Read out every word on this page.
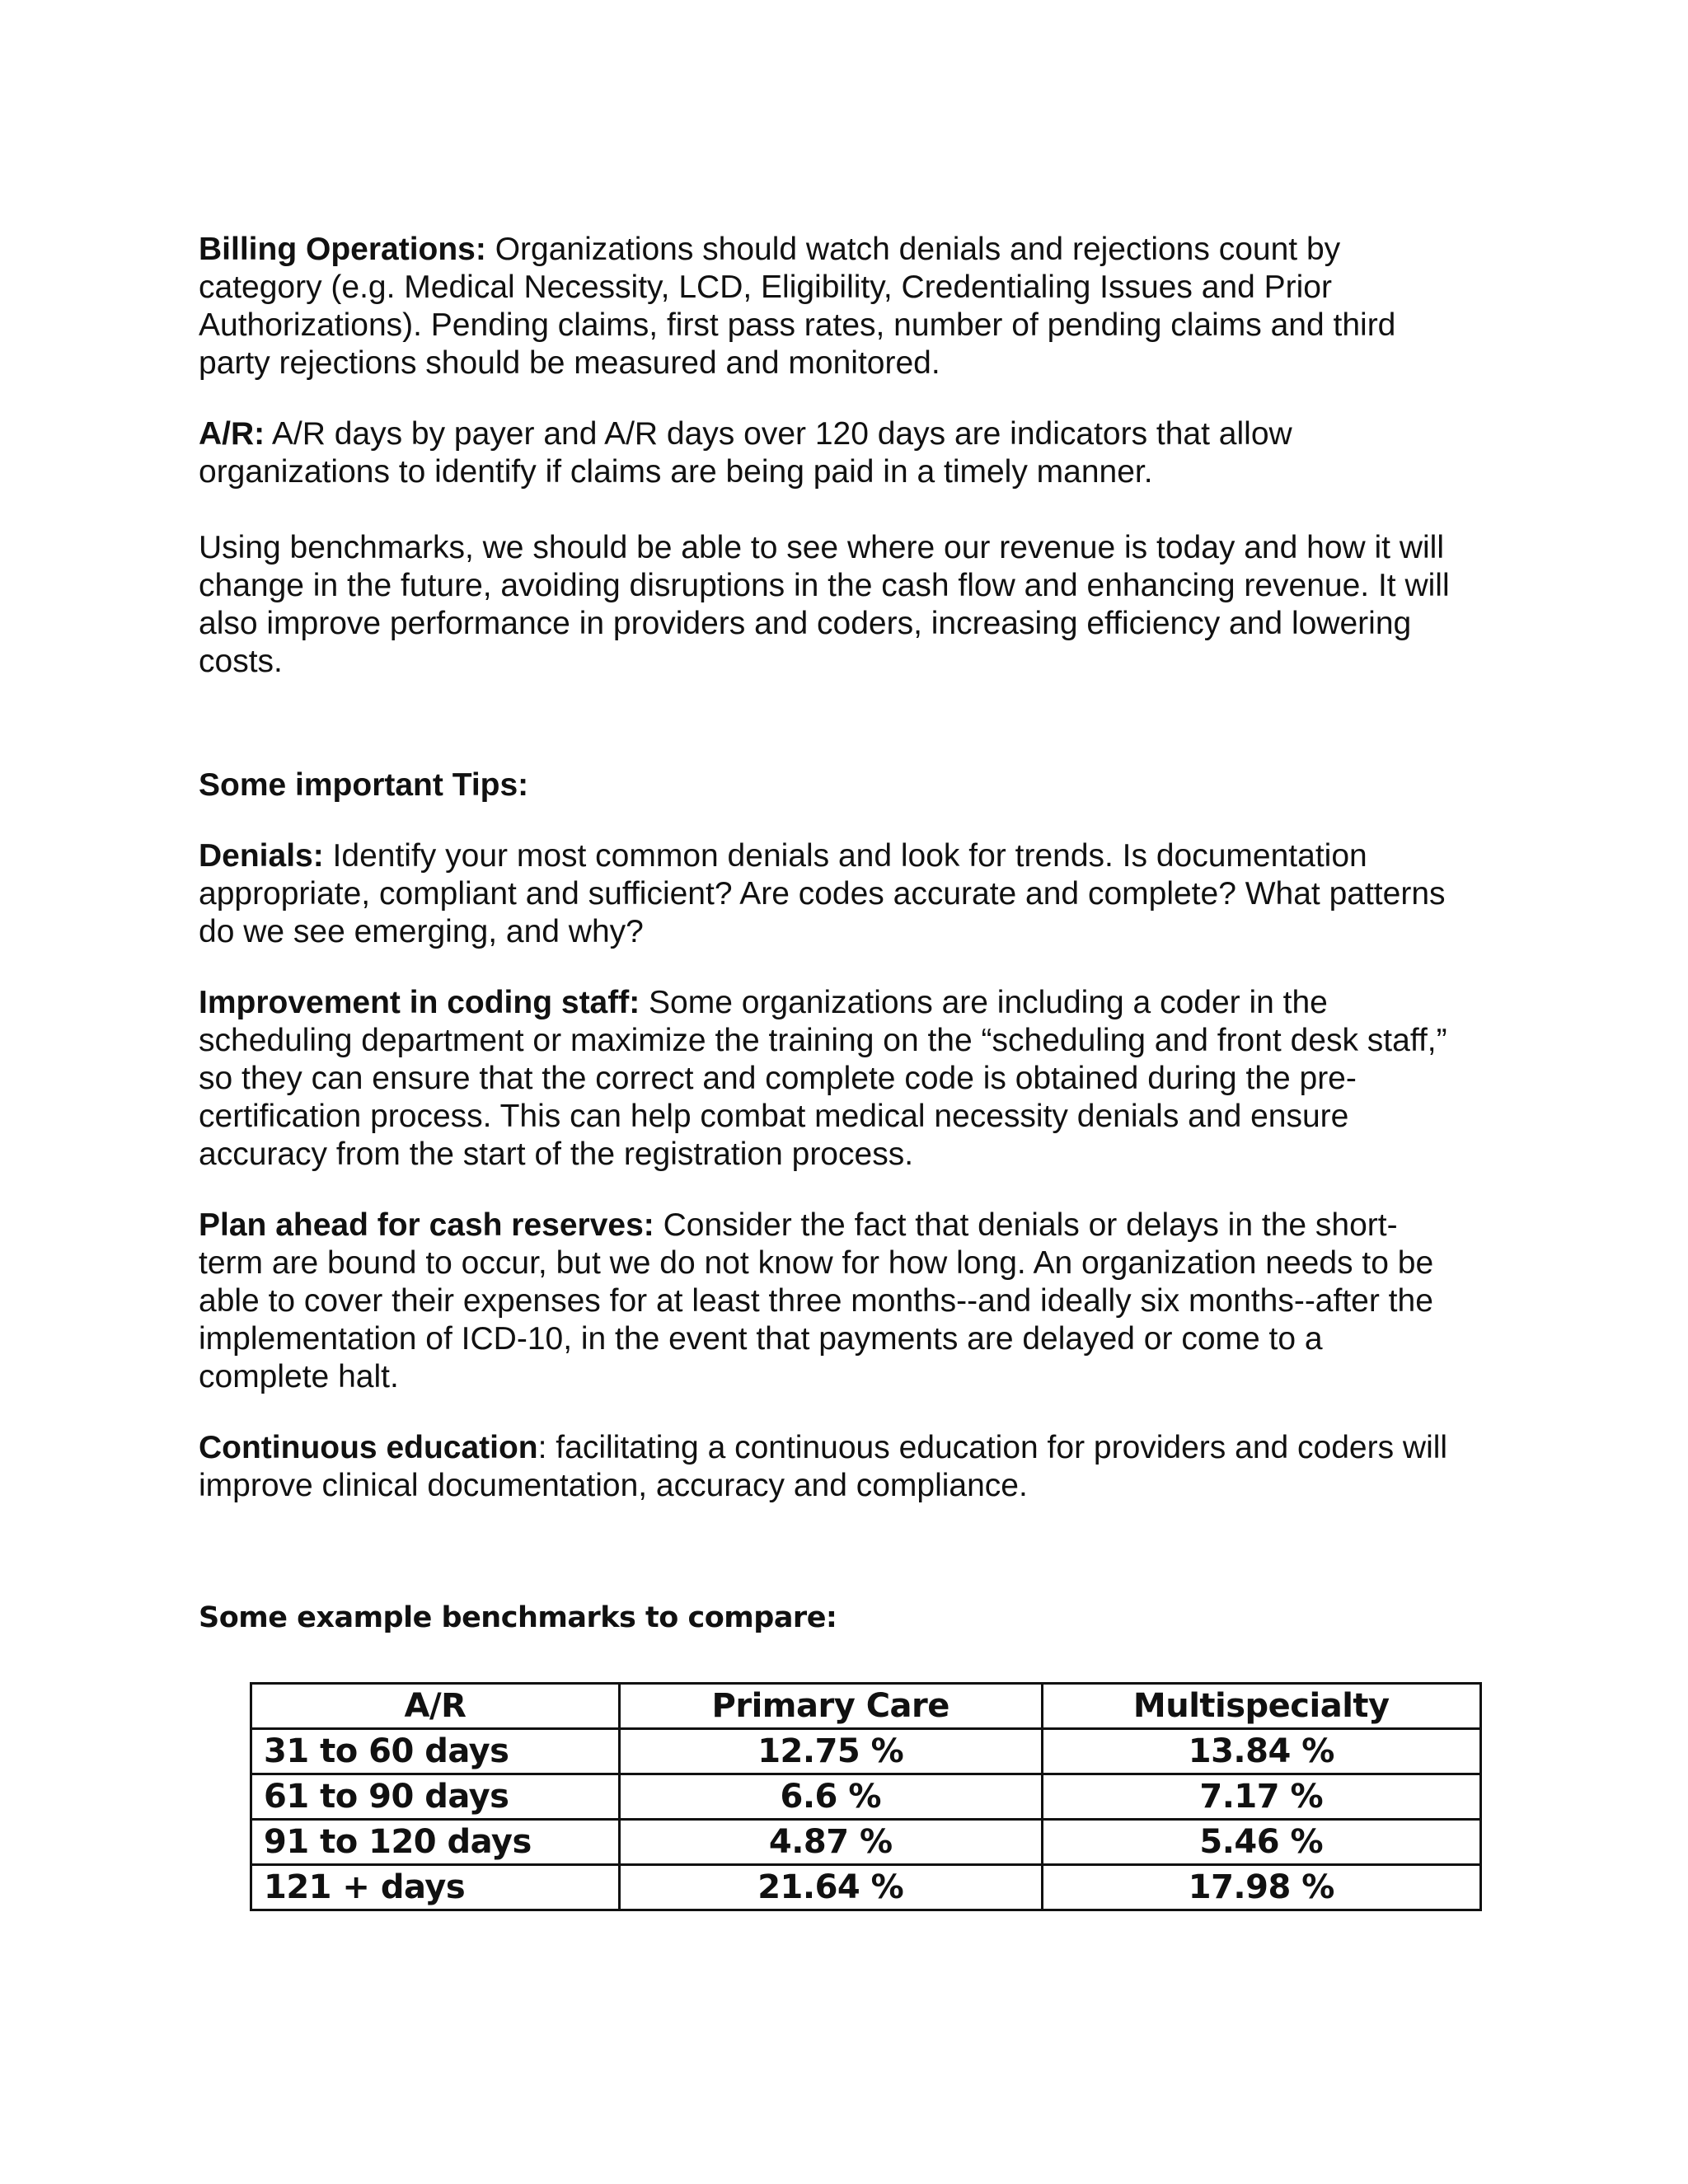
Billing Operations: Organizations should watch denials and rejections count by

category (e.g. Medical Necessity, LCD, Eligibility, Credentialing Issues and Prior

Authorizations). Pending claims, first pass rates, number of pending claims and third

party rejections should be measured and monitored.

A/R: A/R days by payer and A/R days over 120 days are indicators that allow

organizations to identify if claims are being paid in a timely manner.

Using benchmarks, we should be able to see where our revenue is today and how it will

change in the future, avoiding disruptions in the cash flow and enhancing revenue. It will

also improve performance in providers and coders, increasing efficiency and lowering

costs.

Some important Tips:

Denials: Identify your most common denials and look for trends. Is documentation

appropriate, compliant and sufficient? Are codes accurate and complete? What patterns

do we see emerging, and why?

Improvement in coding staff: Some organizations are including a coder in the

scheduling department or maximize the training on the “scheduling and front desk staff,”

so they can ensure that the correct and complete code is obtained during the pre-

certification process. This can help combat medical necessity denials and ensure

accuracy from the start of the registration process.

Plan ahead for cash reserves: Consider the fact that denials or delays in the short-

term are bound to occur, but we do not know for how long. An organization needs to be

able to cover their expenses for at least three months--and ideally six months--after the

implementation of ICD-10, in the event that payments are delayed or come to a

complete halt.

Continuous education: facilitating a continuous education for providers and coders will

improve clinical documentation, accuracy and compliance.

Some example benchmarks to compare:

A/R	Primary Care	Multispecialty
31 to 60 days	12.75 %	13.84 %
61 to 90 days	6.6 %	7.17 %
91 to 120 days	4.87 %	5.46 %
121 + days	21.64 %	17.98 %
